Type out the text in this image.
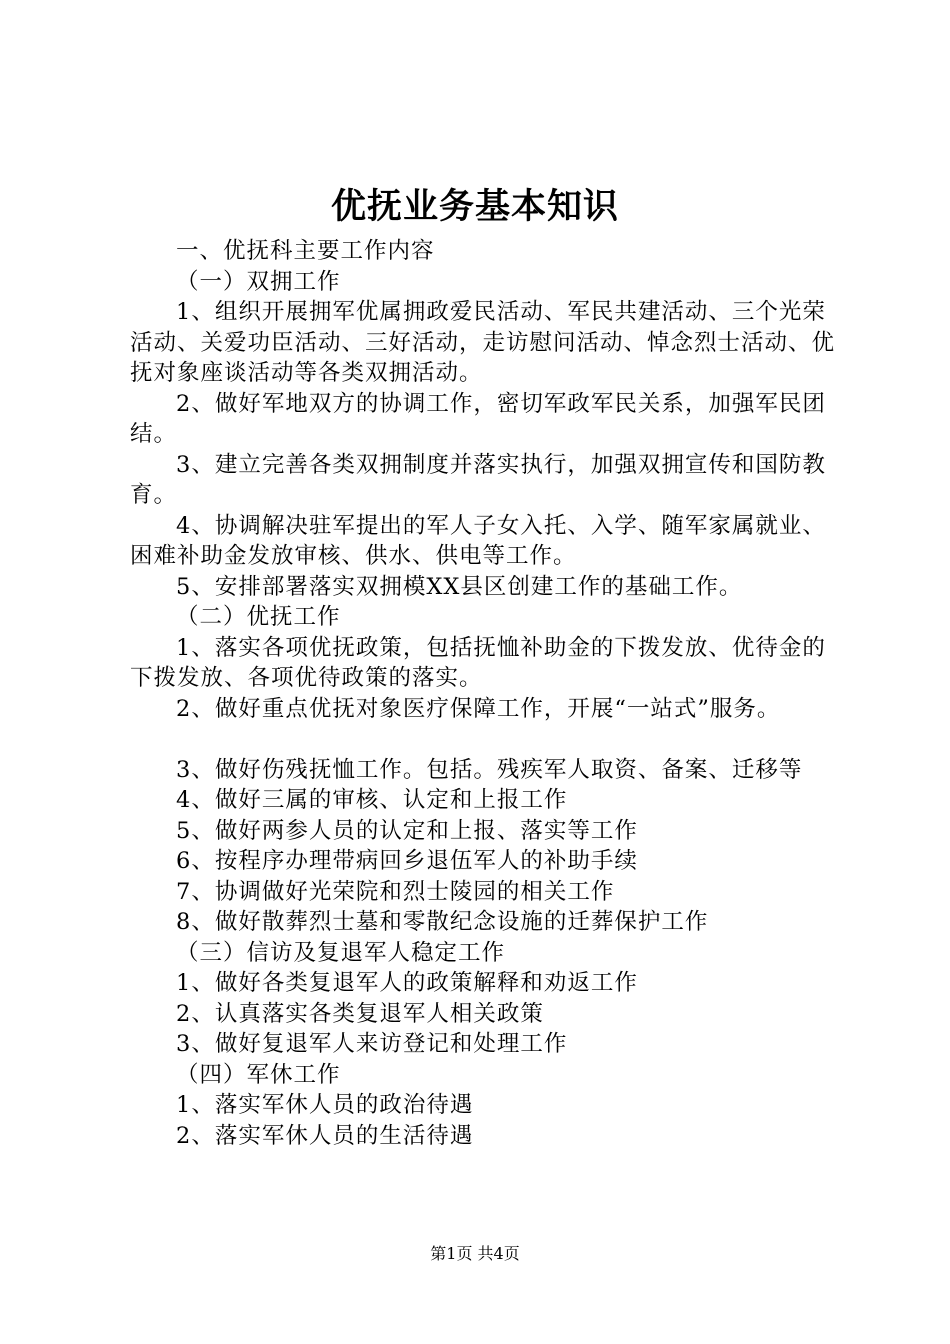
优抚业务基本知识

一、优抚科主要工作内容

（一）双拥工作

1、组织开展拥军优属拥政爱民活动、军民共建活动、三个光荣活动、关爱功臣活动、三好活动，走访慰问活动、悼念烈士活动、优抚对象座谈活动等各类双拥活动。

2、做好军地双方的协调工作，密切军政军民关系，加强军民团结。

3、建立完善各类双拥制度并落实执行，加强双拥宣传和国防教育。

4、协调解决驻军提出的军人子女入托、入学、随军家属就业、困难补助金发放审核、供水、供电等工作。

5、安排部署落实双拥模XX县区创建工作的基础工作。

（二）优抚工作

1、落实各项优抚政策，包括抚恤补助金的下拨发放、优待金的下拨发放、各项优待政策的落实。

2、做好重点优抚对象医疗保障工作，开展“一站式”服务。

3、做好伤残抚恤工作。包括。残疾军人取资、备案、迁移等

4、做好三属的审核、认定和上报工作

5、做好两参人员的认定和上报、落实等工作

6、按程序办理带病回乡退伍军人的补助手续

7、协调做好光荣院和烈士陵园的相关工作

8、做好散葬烈士墓和零散纪念设施的迁葬保护工作

（三）信访及复退军人稳定工作

1、做好各类复退军人的政策解释和劝返工作

2、认真落实各类复退军人相关政策

3、做好复退军人来访登记和处理工作

（四）军休工作

1、落实军休人员的政治待遇

2、落实军休人员的生活待遇

第1页 共4页
